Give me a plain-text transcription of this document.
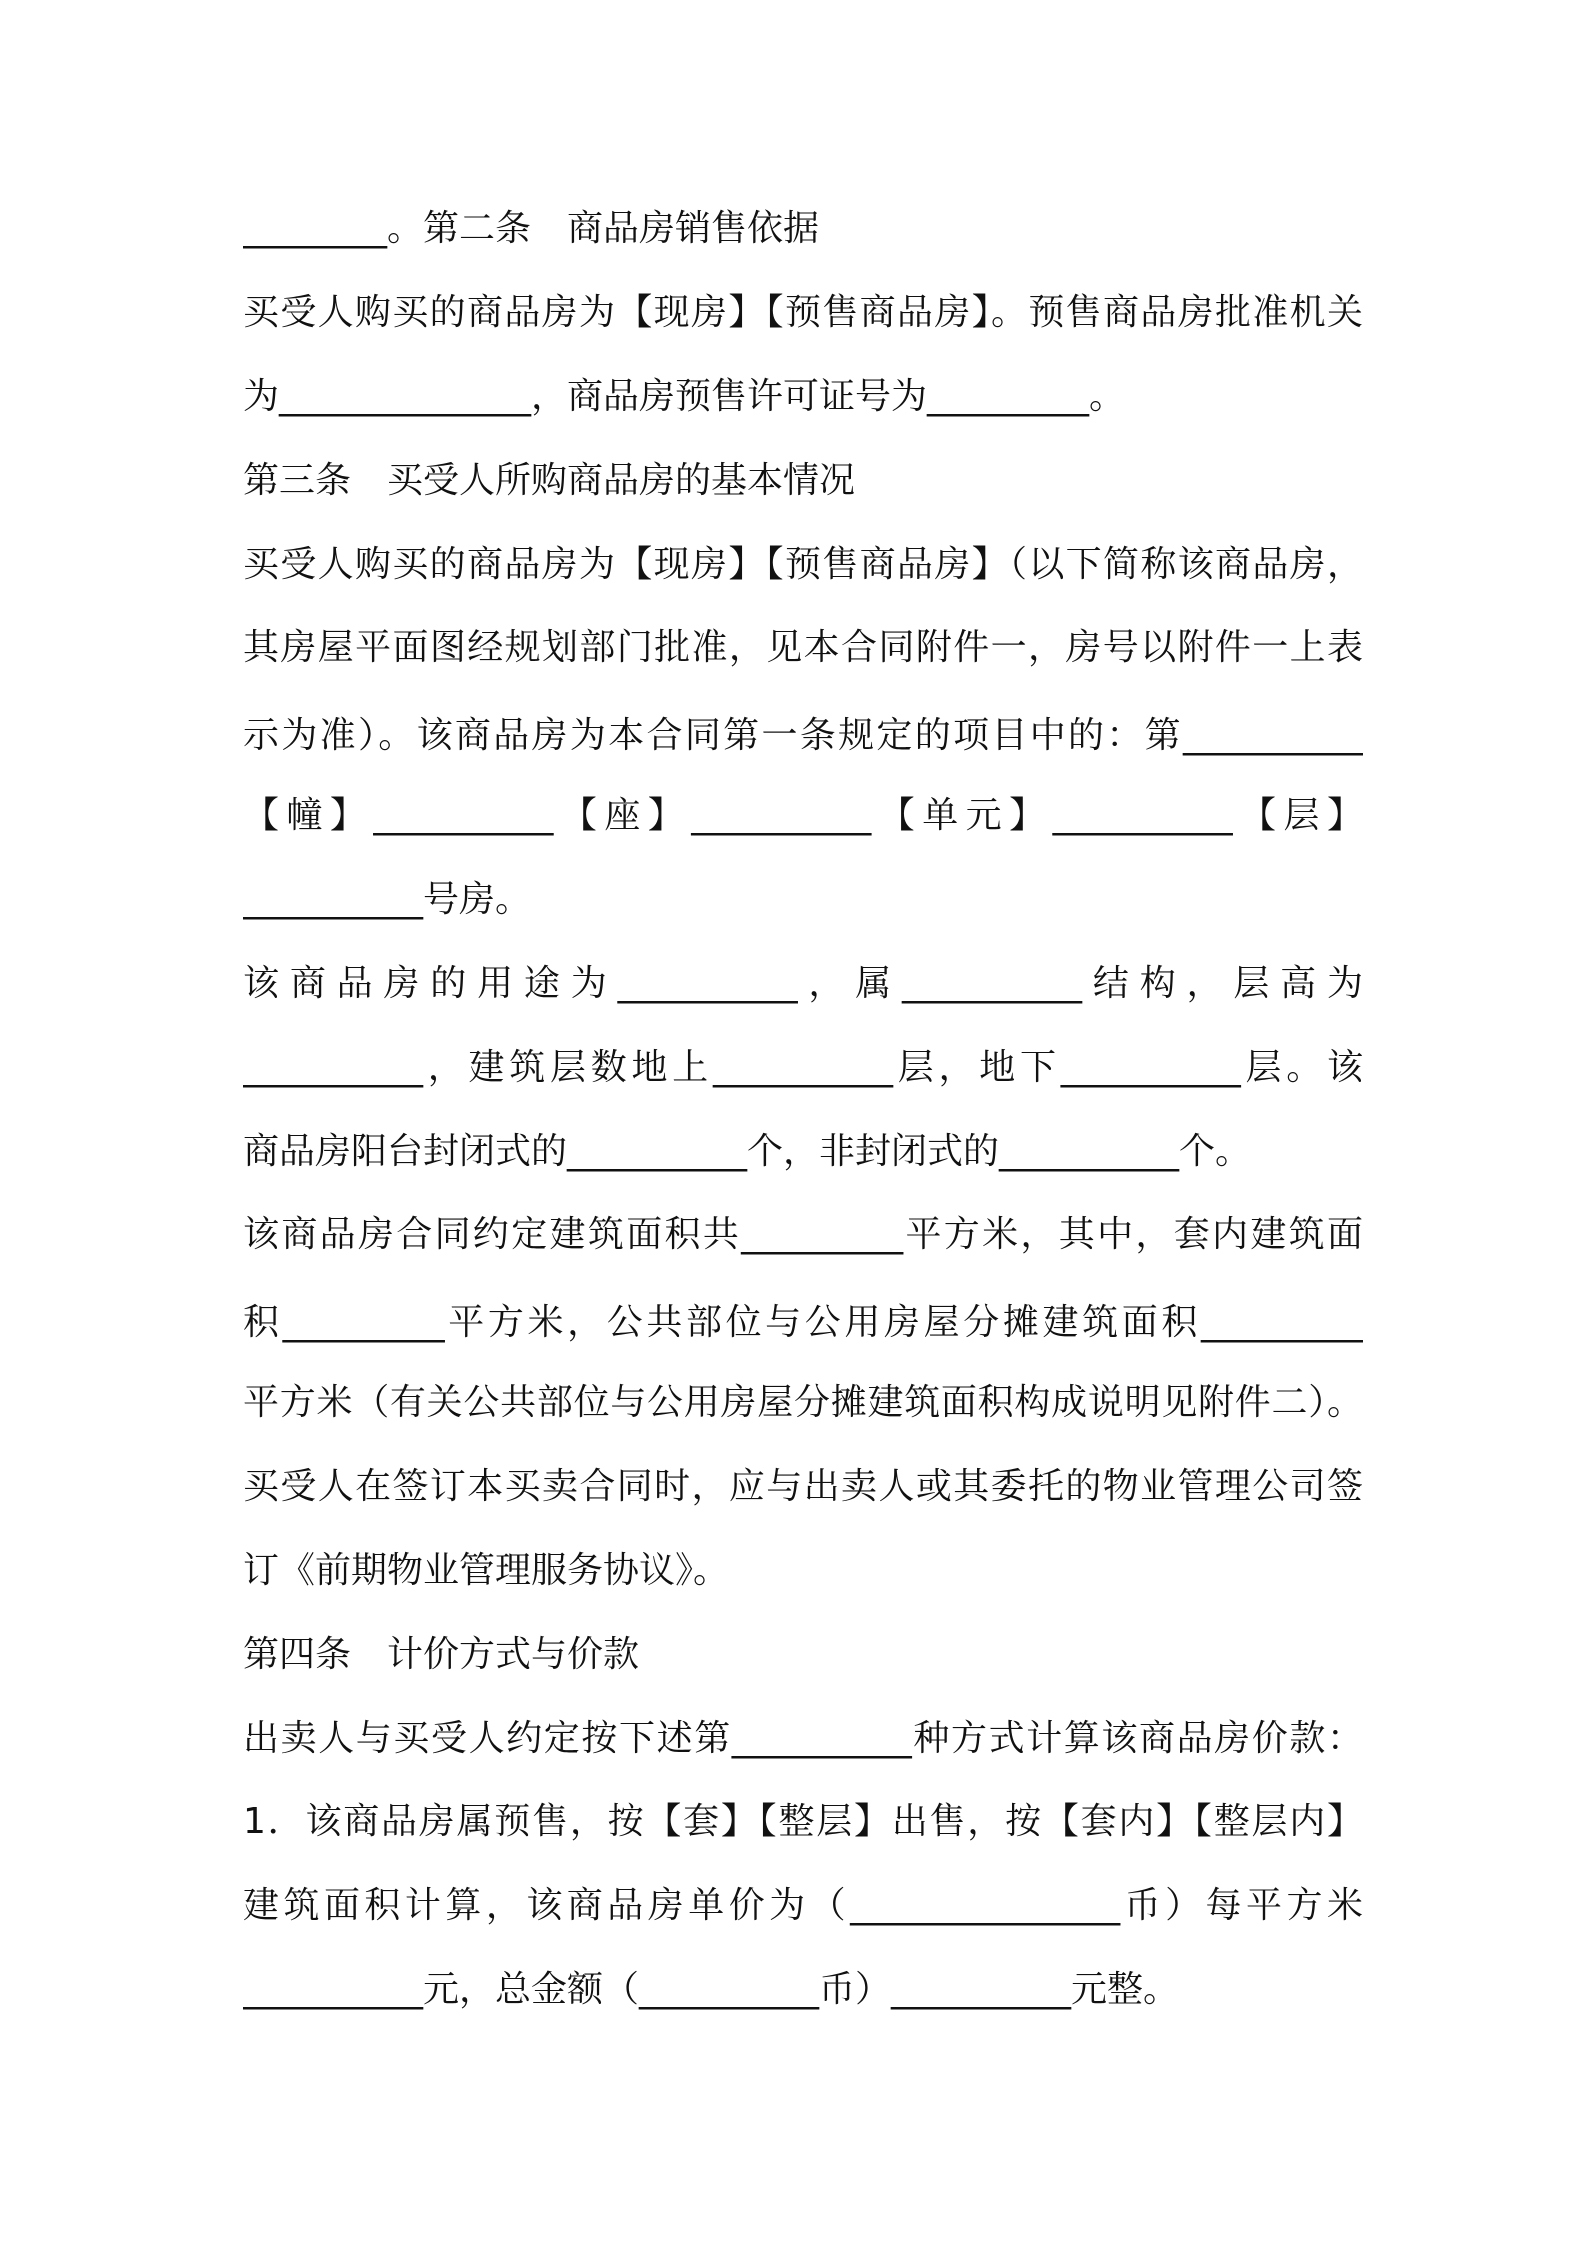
________。第二条　商品房销售依据
买受人购买的商品房为【现房】【预售商品房】。预售商品房批准机关
为______________，商品房预售许可证号为_________。
第三条　买受人所购商品房的基本情况
买受人购买的商品房为【现房】【预售商品房】（以下简称该商品房，
其房屋平面图经规划部门批准，见本合同附件一，房号以附件一上表
示为准）。该商品房为本合同第一条规定的项目中的：第__________
【幢】__________【座】__________【单元】__________【层】
__________号房。
该商品房的用途为__________，属__________结构，层高为
__________，建筑层数地上__________层，地下__________层。该
商品房阳台封闭式的__________个，非封闭式的__________个。
该商品房合同约定建筑面积共_________平方米，其中，套内建筑面
积_________平方米，公共部位与公用房屋分摊建筑面积_________
平方米（有关公共部位与公用房屋分摊建筑面积构成说明见附件二）。
买受人在签订本买卖合同时，应与出卖人或其委托的物业管理公司签
订《前期物业管理服务协议》。
第四条　计价方式与价款
出卖人与买受人约定按下述第__________种方式计算该商品房价款：
1．该商品房属预售，按【套】【整层】出售，按【套内】【整层内】
建筑面积计算，该商品房单价为（_______________币）每平方米
__________元，总金额（__________币）__________元整。
